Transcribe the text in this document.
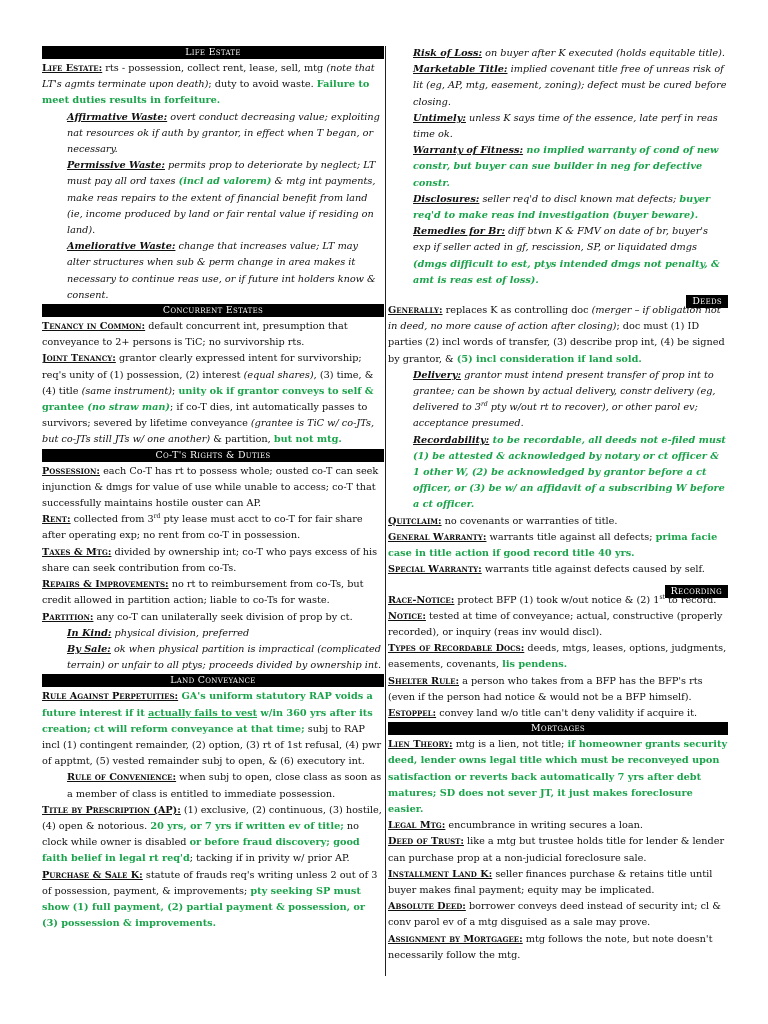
Life Estate

Life Estate: rts - possession, collect rent, lease, sell, mtg (note that LT's agmts terminate upon death); duty to avoid waste. Failure to meet duties results in forfeiture.

Affirmative Waste: overt conduct decreasing value; exploiting nat resources ok if auth by grantor, in effect when T began, or necessary.

Permissive Waste: permits prop to deteriorate by neglect; LT must pay all ord taxes (incl ad valorem) & mtg int payments, make reas repairs to the extent of financial benefit from land (ie, income produced by land or fair rental value if residing on land).

Ameliorative Waste: change that increases value; LT may alter structures when sub & perm change in area makes it necessary to continue reas use, or if future int holders know & consent.

Concurrent Estates

Tenancy in Common: default concurrent int, presumption that conveyance to 2+ persons is TiC; no survivorship rts.

Joint Tenancy: grantor clearly expressed intent for survivorship; req's unity of (1) possession, (2) interest (equal shares), (3) time, & (4) title (same instrument); unity ok if grantor conveys to self & grantee (no straw man); if co-T dies, int automatically passes to survivors; severed by lifetime conveyance (grantee is TiC w/ co-JTs, but co-JTs still JTs w/ one another) & partition, but not mtg.

Co-T's Rights & Duties

Possession: each Co-T has rt to possess whole; ousted co-T can seek injunction & dmgs for value of use while unable to access; co-T that successfully maintains hostile ouster can AP.

Rent: collected from 3rd pty lease must acct to co-T for fair share after operating exp; no rent from co-T in possession.

Taxes & Mtg: divided by ownership int; co-T who pays excess of his share can seek contribution from co-Ts.

Repairs & Improvements: no rt to reimbursement from co-Ts, but credit allowed in partition action; liable to co-Ts for waste.

Partition: any co-T can unilaterally seek division of prop by ct.

In Kind: physical division, preferred

By Sale: ok when physical partition is impractical (complicated terrain) or unfair to all ptys; proceeds divided by ownership int.

Land Conveyance

Rule Against Perpetuities: GA's uniform statutory RAP voids a future interest if it actually fails to vest w/in 360 yrs after its creation; ct will reform conveyance at that time; subj to RAP incl (1) contingent remainder, (2) option, (3) rt of 1st refusal, (4) pwr of apptmt, (5) vested remainder subj to open, & (6) executory int.

Rule of Convenience: when subj to open, close class as soon as a member of class is entitled to immediate possession.

Title by Prescription (AP): (1) exclusive, (2) continuous, (3) hostile, (4) open & notorious. 20 yrs, or 7 yrs if written ev of title; no clock while owner is disabled or before fraud discovery; good faith belief in legal rt req'd; tacking if in privity w/ prior AP.

Purchase & Sale K: statute of frauds req's writing unless 2 out of 3 of possession, payment, & improvements; pty seeking SP must show (1) full payment, (2) partial payment & possession, or (3) possession & improvements.

Risk of Loss: on buyer after K executed (holds equitable title).

Marketable Title: implied covenant title free of unreas risk of lit (eg, AP, mtg, easement, zoning); defect must be cured before closing.

Untimely: unless K says time of the essence, late perf in reas time ok.

Warranty of Fitness: no implied warranty of cond of new constr, but buyer can sue builder in neg for defective constr.

Disclosures: seller req'd to discl known mat defects; buyer req'd to make reas ind investigation (buyer beware).

Remedies for Br: diff btwn K & FMV on date of br, buyer's exp if seller acted in gf, rescission, SP, or liquidated dmgs (dmgs difficult to est, ptys intended dmgs not penalty, & amt is reas est of loss).

Deeds

Generally: replaces K as controlling doc (merger – if obligation not in deed, no more cause of action after closing); doc must (1) ID parties (2) incl words of transfer, (3) describe prop int, (4) be signed by grantor, & (5) incl consideration if land sold.

Delivery: grantor must intend present transfer of prop int to grantee; can be shown by actual delivery, constr delivery (eg, delivered to 3rd pty w/out rt to recover), or other parol ev; acceptance presumed.

Recordability: to be recordable, all deeds not e-filed must (1) be attested & acknowledged by notary or ct officer & 1 other W, (2) be acknowledged by grantor before a ct officer, or (3) be w/ an affidavit of a subscribing W before a ct officer.

Quitclaim: no covenants or warranties of title.

General Warranty: warrants title against all defects; prima facie case in title action if good record title 40 yrs.

Special Warranty: warrants title against defects caused by self.

Recording

Race-Notice: protect BFP (1) took w/out notice & (2) 1st to record.

Notice: tested at time of conveyance; actual, constructive (properly recorded), or inquiry (reas inv would discl).

Types of Recordable Docs: deeds, mtgs, leases, options, judgments, easements, covenants, lis pendens.

Shelter Rule: a person who takes from a BFP has the BFP's rts (even if the person had notice & would not be a BFP himself).

Estoppel: convey land w/o title can't deny validity if acquire it.

Mortgages

Lien Theory: mtg is a lien, not title; if homeowner grants security deed, lender owns legal title which must be reconveyed upon satisfaction or reverts back automatically 7 yrs after debt matures; SD does not sever JT, it just makes foreclosure easier.

Legal Mtg: encumbrance in writing secures a loan.

Deed of Trust: like a mtg but trustee holds title for lender & lender can purchase prop at a non-judicial foreclosure sale.

Installment Land K: seller finances purchase & retains title until buyer makes final payment; equity may be implicated.

Absolute Deed: borrower conveys deed instead of security int; cl & conv parol ev of a mtg disguised as a sale may prove.

Assignment by Mortgagee: mtg follows the note, but note doesn't necessarily follow the mtg.
